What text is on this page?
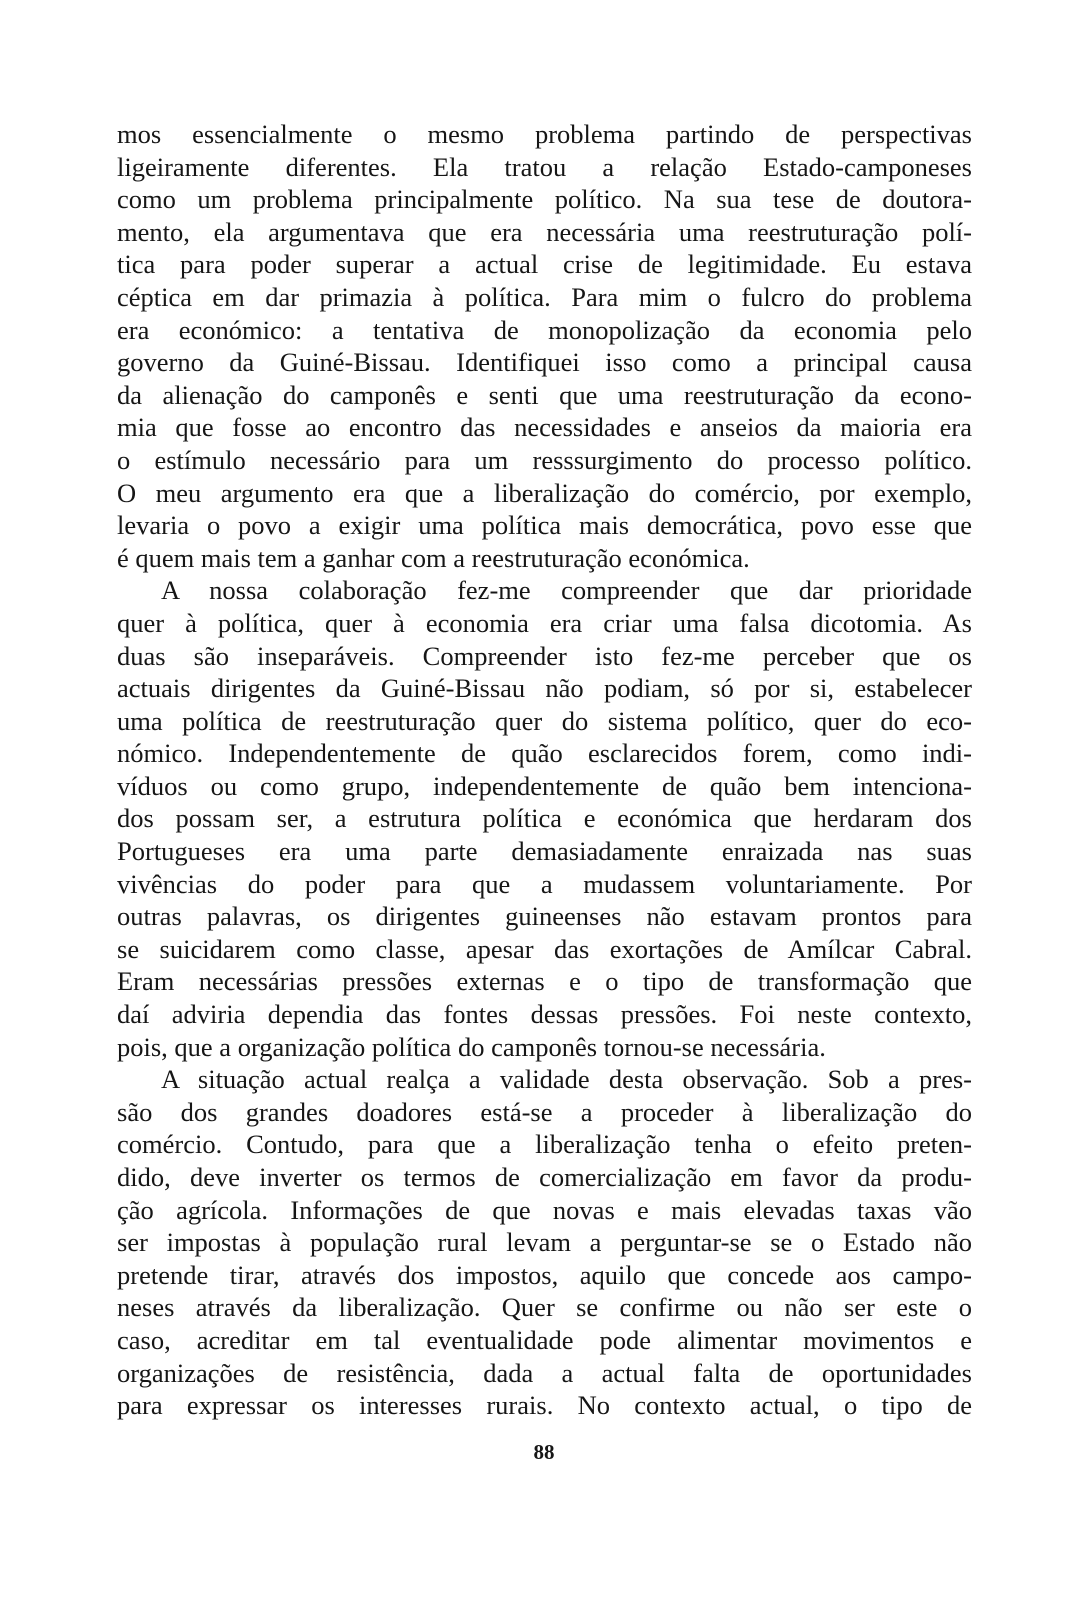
mos essencialmente o mesmo problema partindo de perspectivas
ligeiramente diferentes. Ela tratou a relação Estado-camponeses
como um problema principalmente político. Na sua tese de doutora-
mento, ela argumentava que era necessária uma reestruturação polí-
tica para poder superar a actual crise de legitimidade. Eu estava
céptica em dar primazia à política. Para mim o fulcro do problema
era económico: a tentativa de monopolização da economia pelo
governo da Guiné-Bissau. Identifiquei isso como a principal causa
da alienação do camponês e senti que uma reestruturação da econo-
mia que fosse ao encontro das necessidades e anseios da maioria era
o estímulo necessário para um resssurgimento do processo político.
O meu argumento era que a liberalização do comércio, por exemplo,
levaria o povo a exigir uma política mais democrática, povo esse que
é quem mais tem a ganhar com a reestruturação económica.
A nossa colaboração fez-me compreender que dar prioridade
quer à política, quer à economia era criar uma falsa dicotomia. As
duas são inseparáveis. Compreender isto fez-me perceber que os
actuais dirigentes da Guiné-Bissau não podiam, só por si, estabelecer
uma política de reestruturação quer do sistema político, quer do eco-
nómico. Independentemente de quão esclarecidos forem, como indi-
víduos ou como grupo, independentemente de quão bem intenciona-
dos possam ser, a estrutura política e económica que herdaram dos
Portugueses era uma parte demasiadamente enraizada nas suas
vivências do poder para que a mudassem voluntariamente. Por
outras palavras, os dirigentes guineenses não estavam prontos para
se suicidarem como classe, apesar das exortações de Amílcar Cabral.
Eram necessárias pressões externas e o tipo de transformação que
daí adviria dependia das fontes dessas pressões. Foi neste contexto,
pois, que a organização política do camponês tornou-se necessária.
A situação actual realça a validade desta observação. Sob a pres-
são dos grandes doadores está-se a proceder à liberalização do
comércio. Contudo, para que a liberalização tenha o efeito preten-
dido, deve inverter os termos de comercialização em favor da produ-
ção agrícola. Informações de que novas e mais elevadas taxas vão
ser impostas à população rural levam a perguntar-se se o Estado não
pretende tirar, através dos impostos, aquilo que concede aos campo-
neses através da liberalização. Quer se confirme ou não ser este o
caso, acreditar em tal eventualidade pode alimentar movimentos e
organizações de resistência, dada a actual falta de oportunidades
para expressar os interesses rurais. No contexto actual, o tipo de
88
